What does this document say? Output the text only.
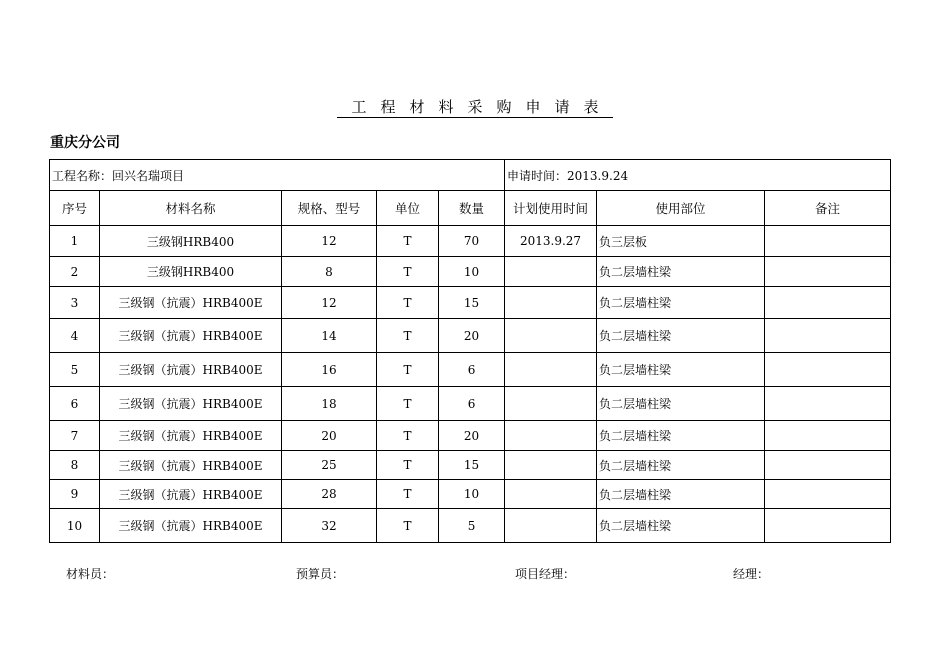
工程材料采购申请表
重庆分公司
工程名称：回兴名瑞项目					申请时间：2013.9.24		
序号	材料名称	规格、型号	单位	数量	计划使用时间	使用部位	备注
1	三级钢HRB400	12	T	70	2013.9.27	负三层板	
2	三级钢HRB400	8	T	10		负二层墙柱梁	
3	三级钢（抗震）HRB400E	12	T	15		负二层墙柱梁	
4	三级钢（抗震）HRB400E	14	T	20		负二层墙柱梁	
5	三级钢（抗震）HRB400E	16	T	6		负二层墙柱梁	
6	三级钢（抗震）HRB400E	18	T	6		负二层墙柱梁	
7	三级钢（抗震）HRB400E	20	T	20		负二层墙柱梁	
8	三级钢（抗震）HRB400E	25	T	15		负二层墙柱梁	
9	三级钢（抗震）HRB400E	28	T	10		负二层墙柱梁	
10	三级钢（抗震）HRB400E	32	T	5		负二层墙柱梁	
材料员：	预算员：	项目经理：	经理：
